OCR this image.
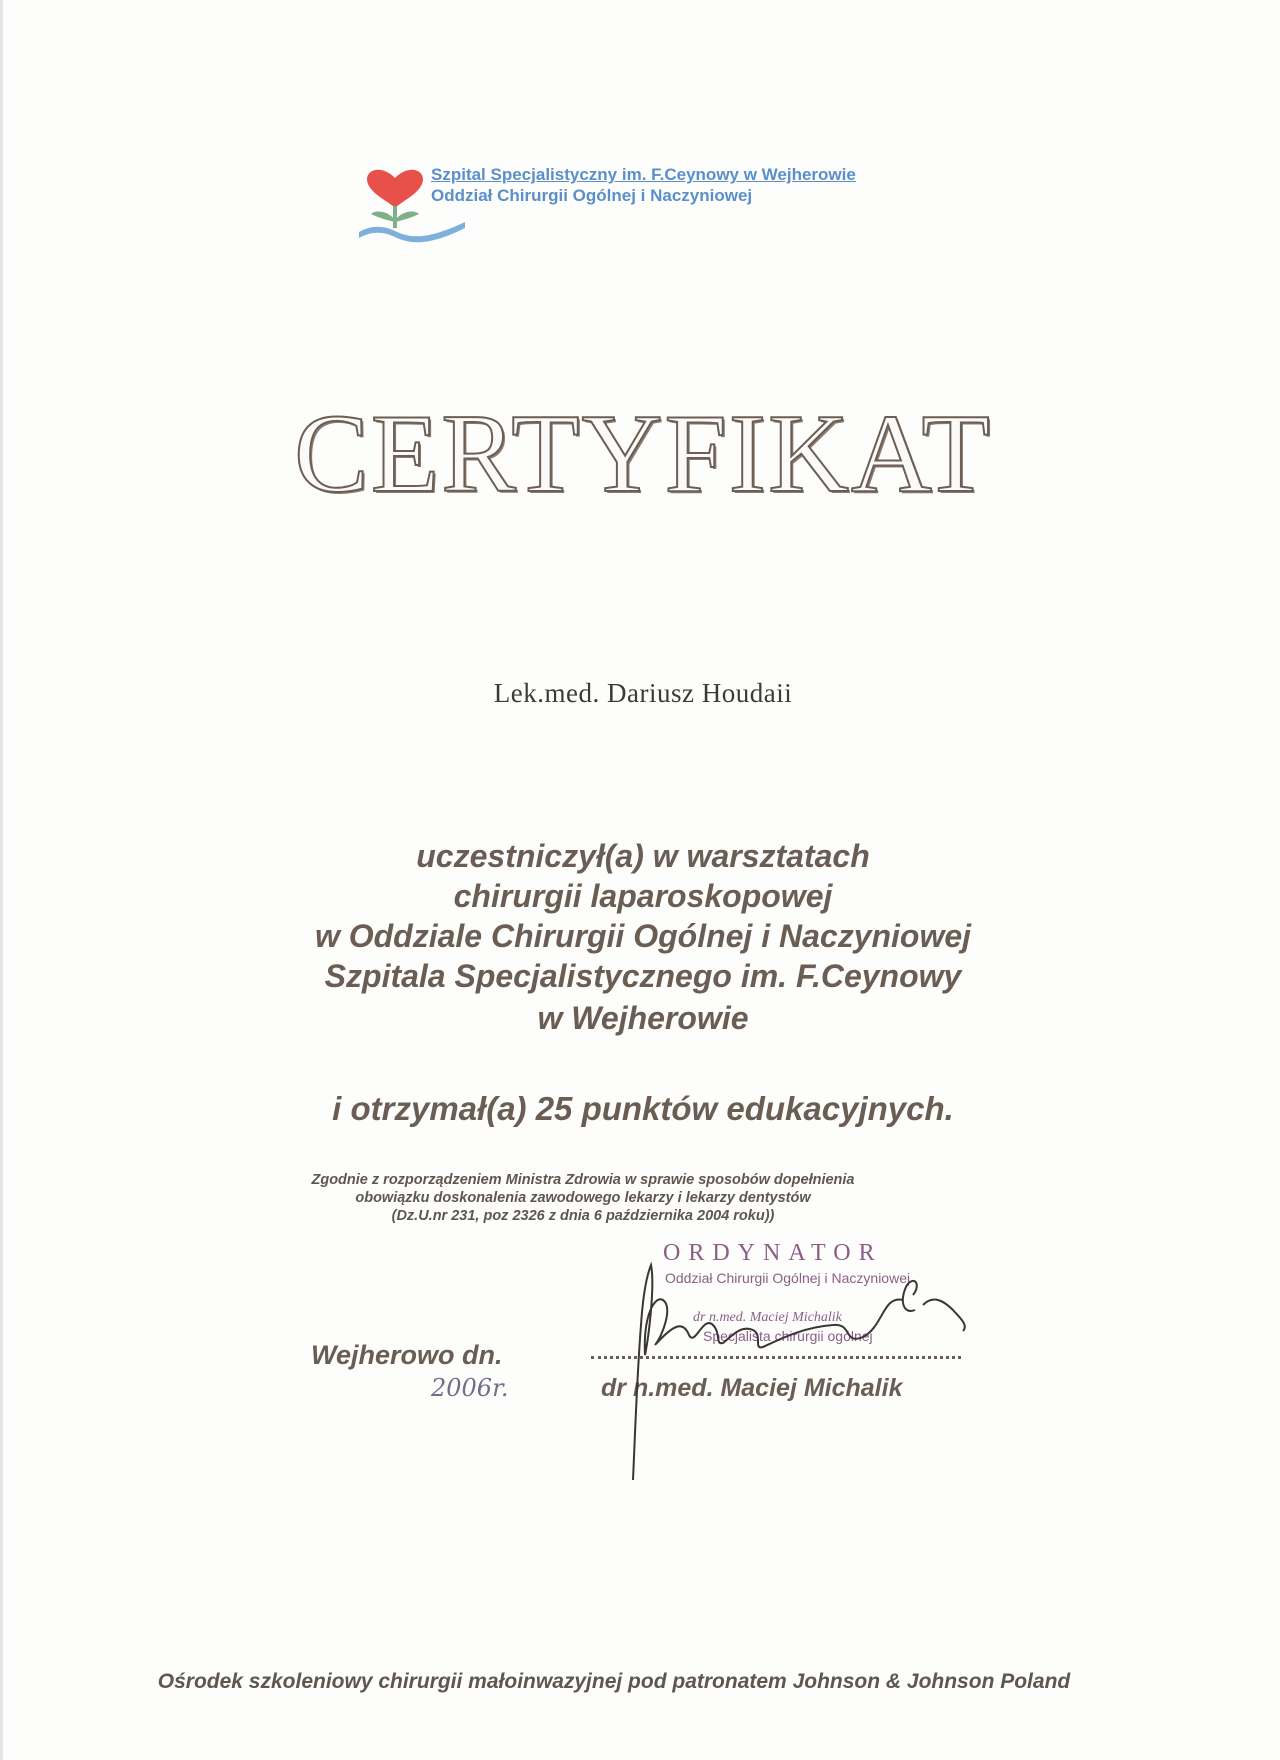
Szpital Specjalistyczny im. F.Ceynowy w Wejherowie
Oddział Chirurgii Ogólnej i Naczyniowej
CERTYFIKAT
Lek.med. Dariusz Houdaii
uczestniczył(a) w warsztatach
chirurgii laparoskopowej
w Oddziale Chirurgii Ogólnej i Naczyniowej
Szpitala Specjalistycznego im. F.Ceynowy
w Wejherowie
i otrzymał(a) 25 punktów edukacyjnych.
Zgodnie z rozporządzeniem Ministra Zdrowia w sprawie sposobów dopełnienia
obowiązku doskonalenia zawodowego lekarzy i lekarzy dentystów
(Dz.U.nr 231, poz 2326 z dnia 6 października 2004 roku))
ORDYNATOR
Oddział Chirurgii Ogólnej i Naczyniowej
dr n.med. Maciej Michalik
Specjalista chirurgii ogólnej
Wejherowo dn.
2006r.	dr n.med. Maciej Michalik
Ośrodek szkoleniowy chirurgii małoinwazyjnej pod patronatem Johnson & Johnson Poland
